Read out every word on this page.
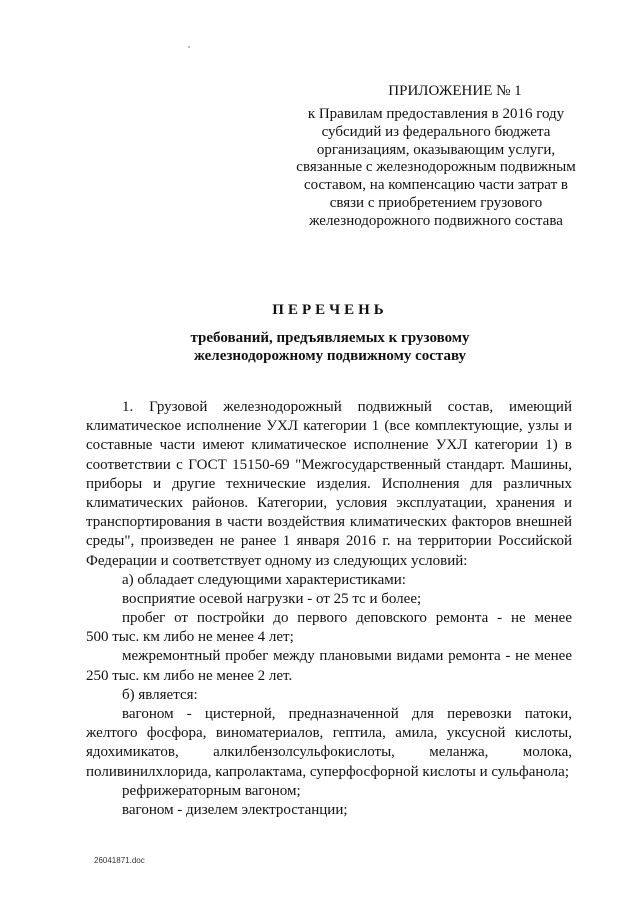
ПРИЛОЖЕНИЕ № 1
к Правилам предоставления в 2016 году
субсидий из федерального бюджета
организациям, оказывающим услуги,
связанные с железнодорожным подвижным
составом, на компенсацию части затрат в
связи с приобретением грузового
железнодорожного подвижного состава
ПЕРЕЧЕНЬ
требований, предъявляемых к грузовому
железнодорожному подвижному составу
1. Грузовой железнодорожный подвижный состав, имеющий
климатическое исполнение УХЛ категории 1 (все комплектующие, узлы и
составные части имеют климатическое исполнение УХЛ категории 1) в
соответствии с ГОСТ 15150-69 "Межгосударственный стандарт. Машины,
приборы и другие технические изделия. Исполнения для различных
климатических районов. Категории, условия эксплуатации, хранения и
транспортирования в части воздействия климатических факторов внешней
среды", произведен не ранее 1 января 2016 г. на территории Российской
Федерации и соответствует одному из следующих условий:
а) обладает следующими характеристиками:
восприятие осевой нагрузки - от 25 тс и более;
пробег от постройки до первого деповского ремонта - не менее
500 тыс. км либо не менее 4 лет;
межремонтный пробег между плановыми видами ремонта - не менее
250 тыс. км либо не менее 2 лет.
б) является:
вагоном - цистерной, предназначенной для перевозки патоки,
желтого фосфора, виноматериалов, гептила, амила, уксусной кислоты,
ядохимикатов, алкилбензолсульфокислоты, меланжа, молока,
поливинилхлорида, капролактама, суперфосфорной кислоты и сульфанола;
рефрижераторным вагоном;
вагоном - дизелем электростанции;
26041871.doc
